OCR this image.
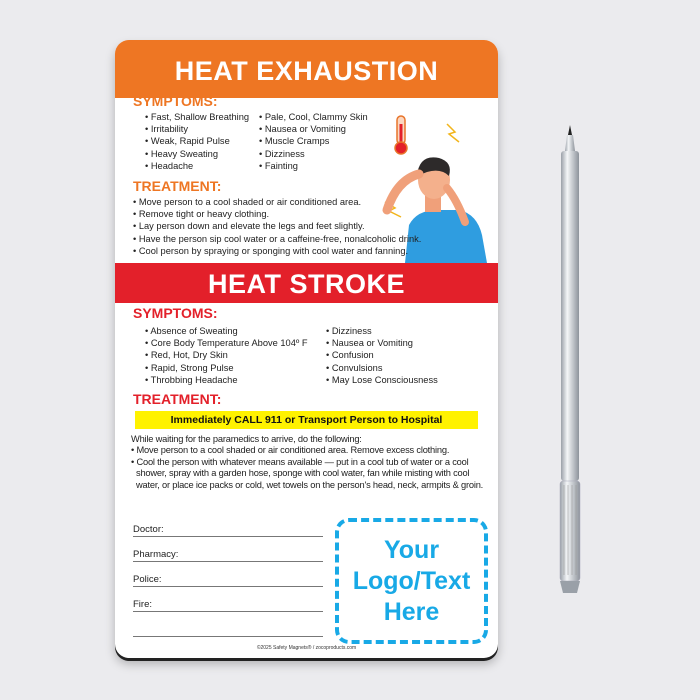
HEAT EXHAUSTION
SYMPTOMS:
• Fast, Shallow Breathing
• Irritability
• Weak, Rapid Pulse
• Heavy Sweating
• Headache
• Pale, Cool, Clammy Skin
• Nausea or Vomiting
• Muscle Cramps
• Dizziness
• Fainting
TREATMENT:
• Move person to a cool shaded or air conditioned area.
• Remove tight or heavy clothing.
• Lay person down and elevate the legs and feet slightly.
• Have the person sip cool water or a caffeine-free, nonalcoholic drink.
• Cool person by spraying or sponging with cool water and fanning.
HEAT STROKE
SYMPTOMS:
• Absence of Sweating
• Core Body Temperature Above 104º F
• Red, Hot, Dry Skin
• Rapid, Strong Pulse
• Throbbing Headache
• Dizziness
• Nausea or Vomiting
• Confusion
• Convulsions
• May Lose Consciousness
TREATMENT:
Immediately CALL 911 or Transport Person to Hospital
While waiting for the paramedics to arrive, do the following:
• Move person to a cool shaded or air conditioned area. Remove excess clothing.
• Cool the person with whatever means available — put in a cool tub of water or a cool shower, spray with a garden hose, sponge with cool water, fan while misting with cool water, or place ice packs or cold, wet towels on the person's head, neck, armpits & groin.
Doctor:
Pharmacy:
Police:
Fire:
Your
Logo/Text
Here
©2025 Safety Magnets® / zocoproducts.com
